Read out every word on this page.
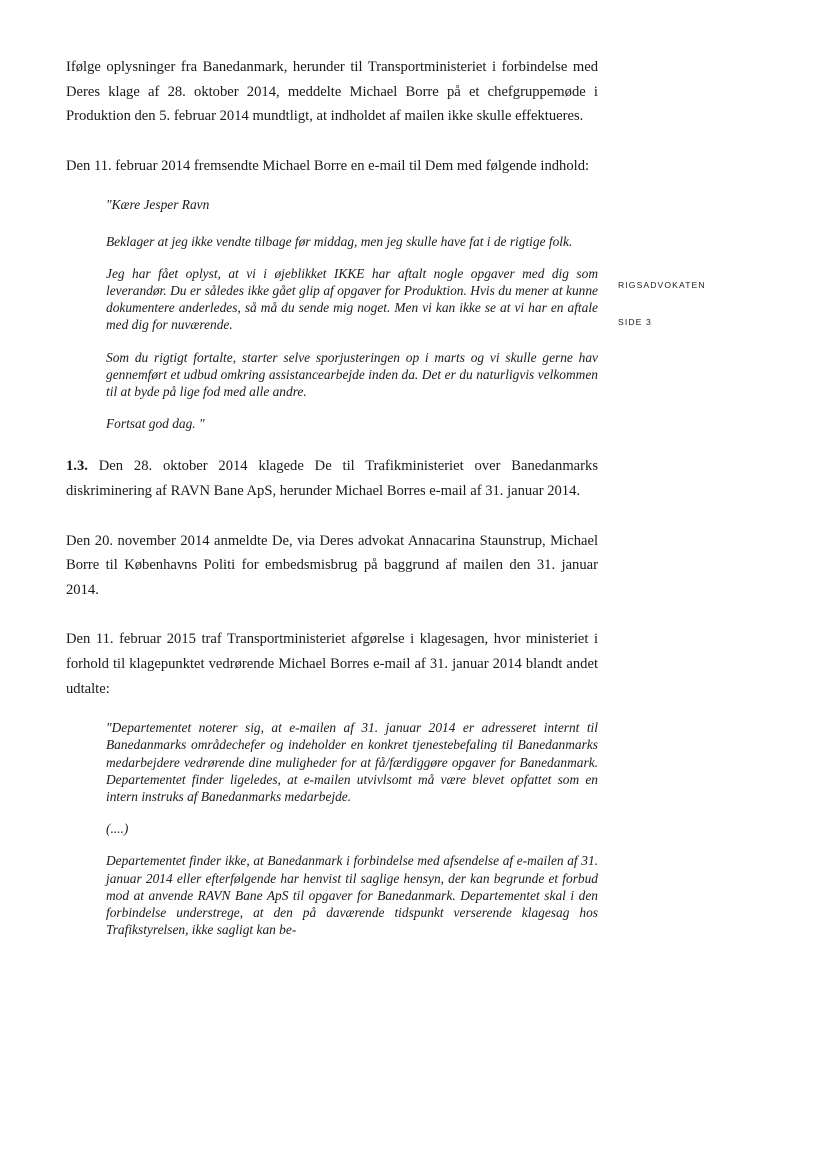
RIGSADVOKATEN
SIDE 3

Ifølge oplysninger fra Banedanmark, herunder til Transportministeriet i forbindelse med Deres klage af 28. oktober 2014, meddelte Michael Borre på et chefgruppemøde i Produktion den 5. februar 2014 mundtligt, at indholdet af mailen ikke skulle effektueres.

Den 11. februar 2014 fremsendte Michael Borre en e-mail til Dem med følgende indhold:

"Kære Jesper Ravn

Beklager at jeg ikke vendte tilbage før middag, men jeg skulle have fat i de rigtige folk.

Jeg har fået oplyst, at vi i øjeblikket IKKE har aftalt nogle opgaver med dig som leverandør. Du er således ikke gået glip af opgaver for Produktion. Hvis du mener at kunne dokumentere anderledes, så må du sende mig noget. Men vi kan ikke se at vi har en aftale med dig for nuværende.

Som du rigtigt fortalte, starter selve sporjusteringen op i marts og vi skulle gerne hav gennemført et udbud omkring assistancearbejde inden da. Det er du naturligvis velkommen til at byde på lige fod med alle andre.

Fortsat god dag. "

1.3. Den 28. oktober 2014 klagede De til Trafikministeriet over Banedanmarks diskriminering af RAVN Bane ApS, herunder Michael Borres e-mail af 31. januar 2014.

Den 20. november 2014 anmeldte De, via Deres advokat Annacarina Staunstrup, Michael Borre til Københavns Politi for embedsmisbrug på baggrund af mailen den 31. januar 2014.

Den 11. februar 2015 traf Transportministeriet afgørelse i klagesagen, hvor ministeriet i forhold til klagepunktet vedrørende Michael Borres e-mail af 31. januar 2014 blandt andet udtalte:

"Departementet noterer sig, at e-mailen af 31. januar 2014 er adresseret internt til Banedanmarks områdechefer og indeholder en konkret tjenestebefaling til Banedanmarks medarbejdere vedrørende dine muligheder for at få/færdiggøre opgaver for Banedanmark. Departementet finder ligeledes, at e-mailen utvivlsomt må være blevet opfattet som en intern instruks af Banedanmarks medarbejde.

(....)

Departementet finder ikke, at Banedanmark i forbindelse med afsendelse af e-mailen af 31. januar 2014 eller efterfølgende har henvist til saglige hensyn, der kan begrunde et forbud mod at anvende RAVN Bane ApS til opgaver for Banedanmark. Departementet skal i den forbindelse understrege, at den på daværende tidspunkt verserende klagesag hos Trafikstyrelsen, ikke sagligt kan be-
